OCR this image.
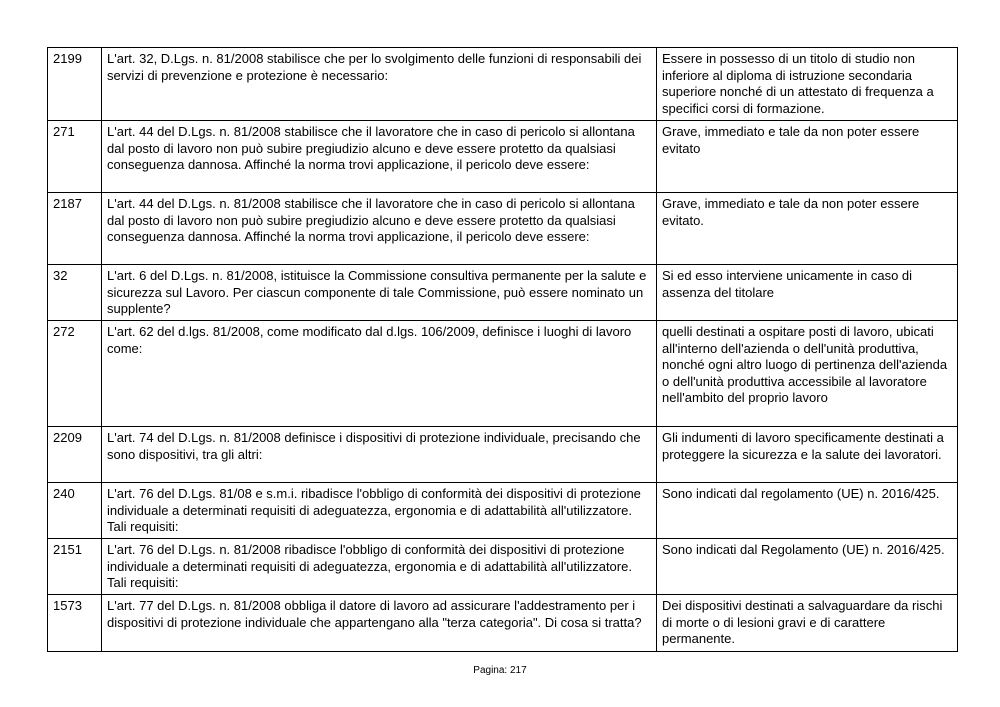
2199	L'art. 32, D.Lgs. n. 81/2008 stabilisce che per lo svolgimento delle funzioni di responsabili dei servizi di prevenzione e protezione è necessario:	Essere in possesso di un titolo di studio non inferiore al diploma di istruzione secondaria superiore nonché di un attestato di frequenza a specifici corsi di formazione.
271	L'art. 44 del D.Lgs. n. 81/2008 stabilisce che il lavoratore che in caso di pericolo si allontana dal posto di lavoro non può subire pregiudizio alcuno e deve essere protetto da qualsiasi conseguenza dannosa. Affinché la norma trovi applicazione, il pericolo deve essere:	Grave, immediato e tale da non poter essere evitato
2187	L'art. 44 del D.Lgs. n. 81/2008 stabilisce che il lavoratore che in caso di pericolo si allontana dal posto di lavoro non può subire pregiudizio alcuno e deve essere protetto da qualsiasi conseguenza dannosa. Affinché la norma trovi applicazione, il pericolo deve essere:	Grave, immediato e tale da non poter essere evitato.
32	L'art. 6 del D.Lgs. n. 81/2008, istituisce la Commissione consultiva permanente per la salute e sicurezza sul Lavoro. Per ciascun componente di tale Commissione, può essere nominato un supplente?	Si ed esso interviene unicamente in caso di assenza del titolare
272	L'art. 62 del d.lgs. 81/2008, come modificato dal d.lgs. 106/2009, definisce i luoghi di lavoro come:	quelli destinati a ospitare posti di lavoro, ubicati all'interno dell'azienda o dell'unità produttiva, nonché ogni altro luogo di pertinenza dell'azienda o dell'unità produttiva accessibile al lavoratore nell'ambito del proprio lavoro
2209	L'art. 74 del D.Lgs. n. 81/2008 definisce i dispositivi di protezione individuale, precisando che sono dispositivi, tra gli altri:	Gli indumenti di lavoro specificamente destinati a proteggere la sicurezza e la salute dei lavoratori.
240	L'art. 76 del D.Lgs. 81/08 e s.m.i. ribadisce l'obbligo di conformità dei dispositivi di protezione individuale a determinati requisiti di adeguatezza, ergonomia e di adattabilità all'utilizzatore. Tali requisiti:	Sono indicati dal regolamento (UE) n. 2016/425.
2151	L'art. 76 del D.Lgs. n. 81/2008 ribadisce l'obbligo di conformità dei dispositivi di protezione individuale a determinati requisiti di adeguatezza, ergonomia e di adattabilità all'utilizzatore. Tali requisiti:	Sono indicati dal Regolamento (UE) n. 2016/425.
1573	L'art. 77 del D.Lgs. n. 81/2008 obbliga il datore di lavoro ad assicurare l'addestramento per i dispositivi di protezione individuale che appartengano alla "terza categoria". Di cosa si tratta?	Dei dispositivi destinati a salvaguardare da rischi di morte o di lesioni gravi e di carattere permanente.
Pagina: 217
